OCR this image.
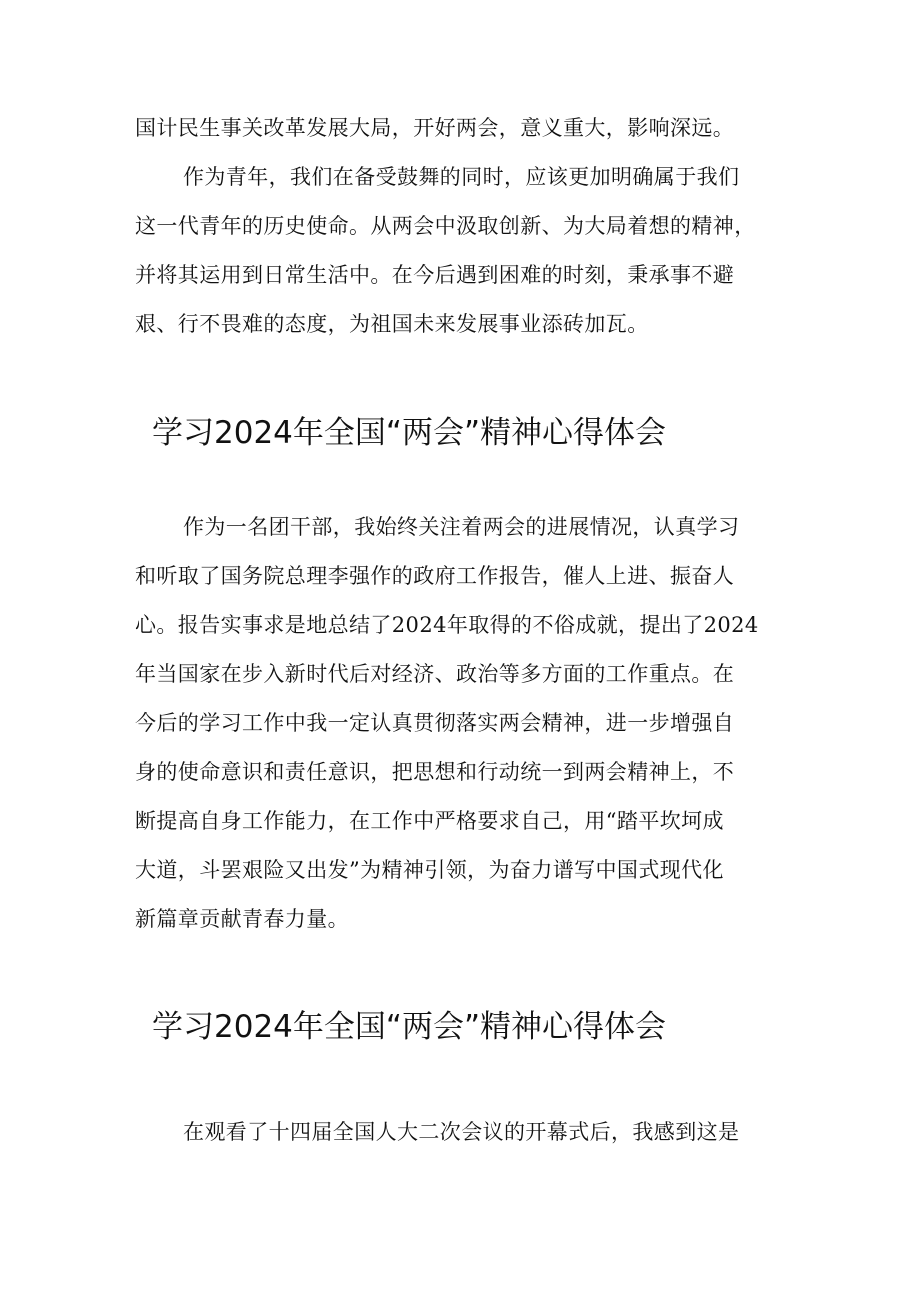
国计民生事关改革发展大局，开好两会，意义重大，影响深远。
作为青年，我们在备受鼓舞的同时，应该更加明确属于我们
这一代青年的历史使命。从两会中汲取创新、为大局着想的精神，
并将其运用到日常生活中。在今后遇到困难的时刻，秉承事不避
艰、行不畏难的态度，为祖国未来发展事业添砖加瓦。
学习2024年全国“两会”精神心得体会
作为一名团干部，我始终关注着两会的进展情况，认真学习
和听取了国务院总理李强作的政府工作报告，催人上进、振奋人
心。报告实事求是地总结了2024年取得的不俗成就，提出了2024
年当国家在步入新时代后对经济、政治等多方面的工作重点。在
今后的学习工作中我一定认真贯彻落实两会精神，进一步增强自
身的使命意识和责任意识，把思想和行动统一到两会精神上，不
断提高自身工作能力，在工作中严格要求自己，用“踏平坎坷成
大道，斗罢艰险又出发”为精神引领，为奋力谱写中国式现代化
新篇章贡献青春力量。
学习2024年全国“两会”精神心得体会
在观看了十四届全国人大二次会议的开幕式后，我感到这是
